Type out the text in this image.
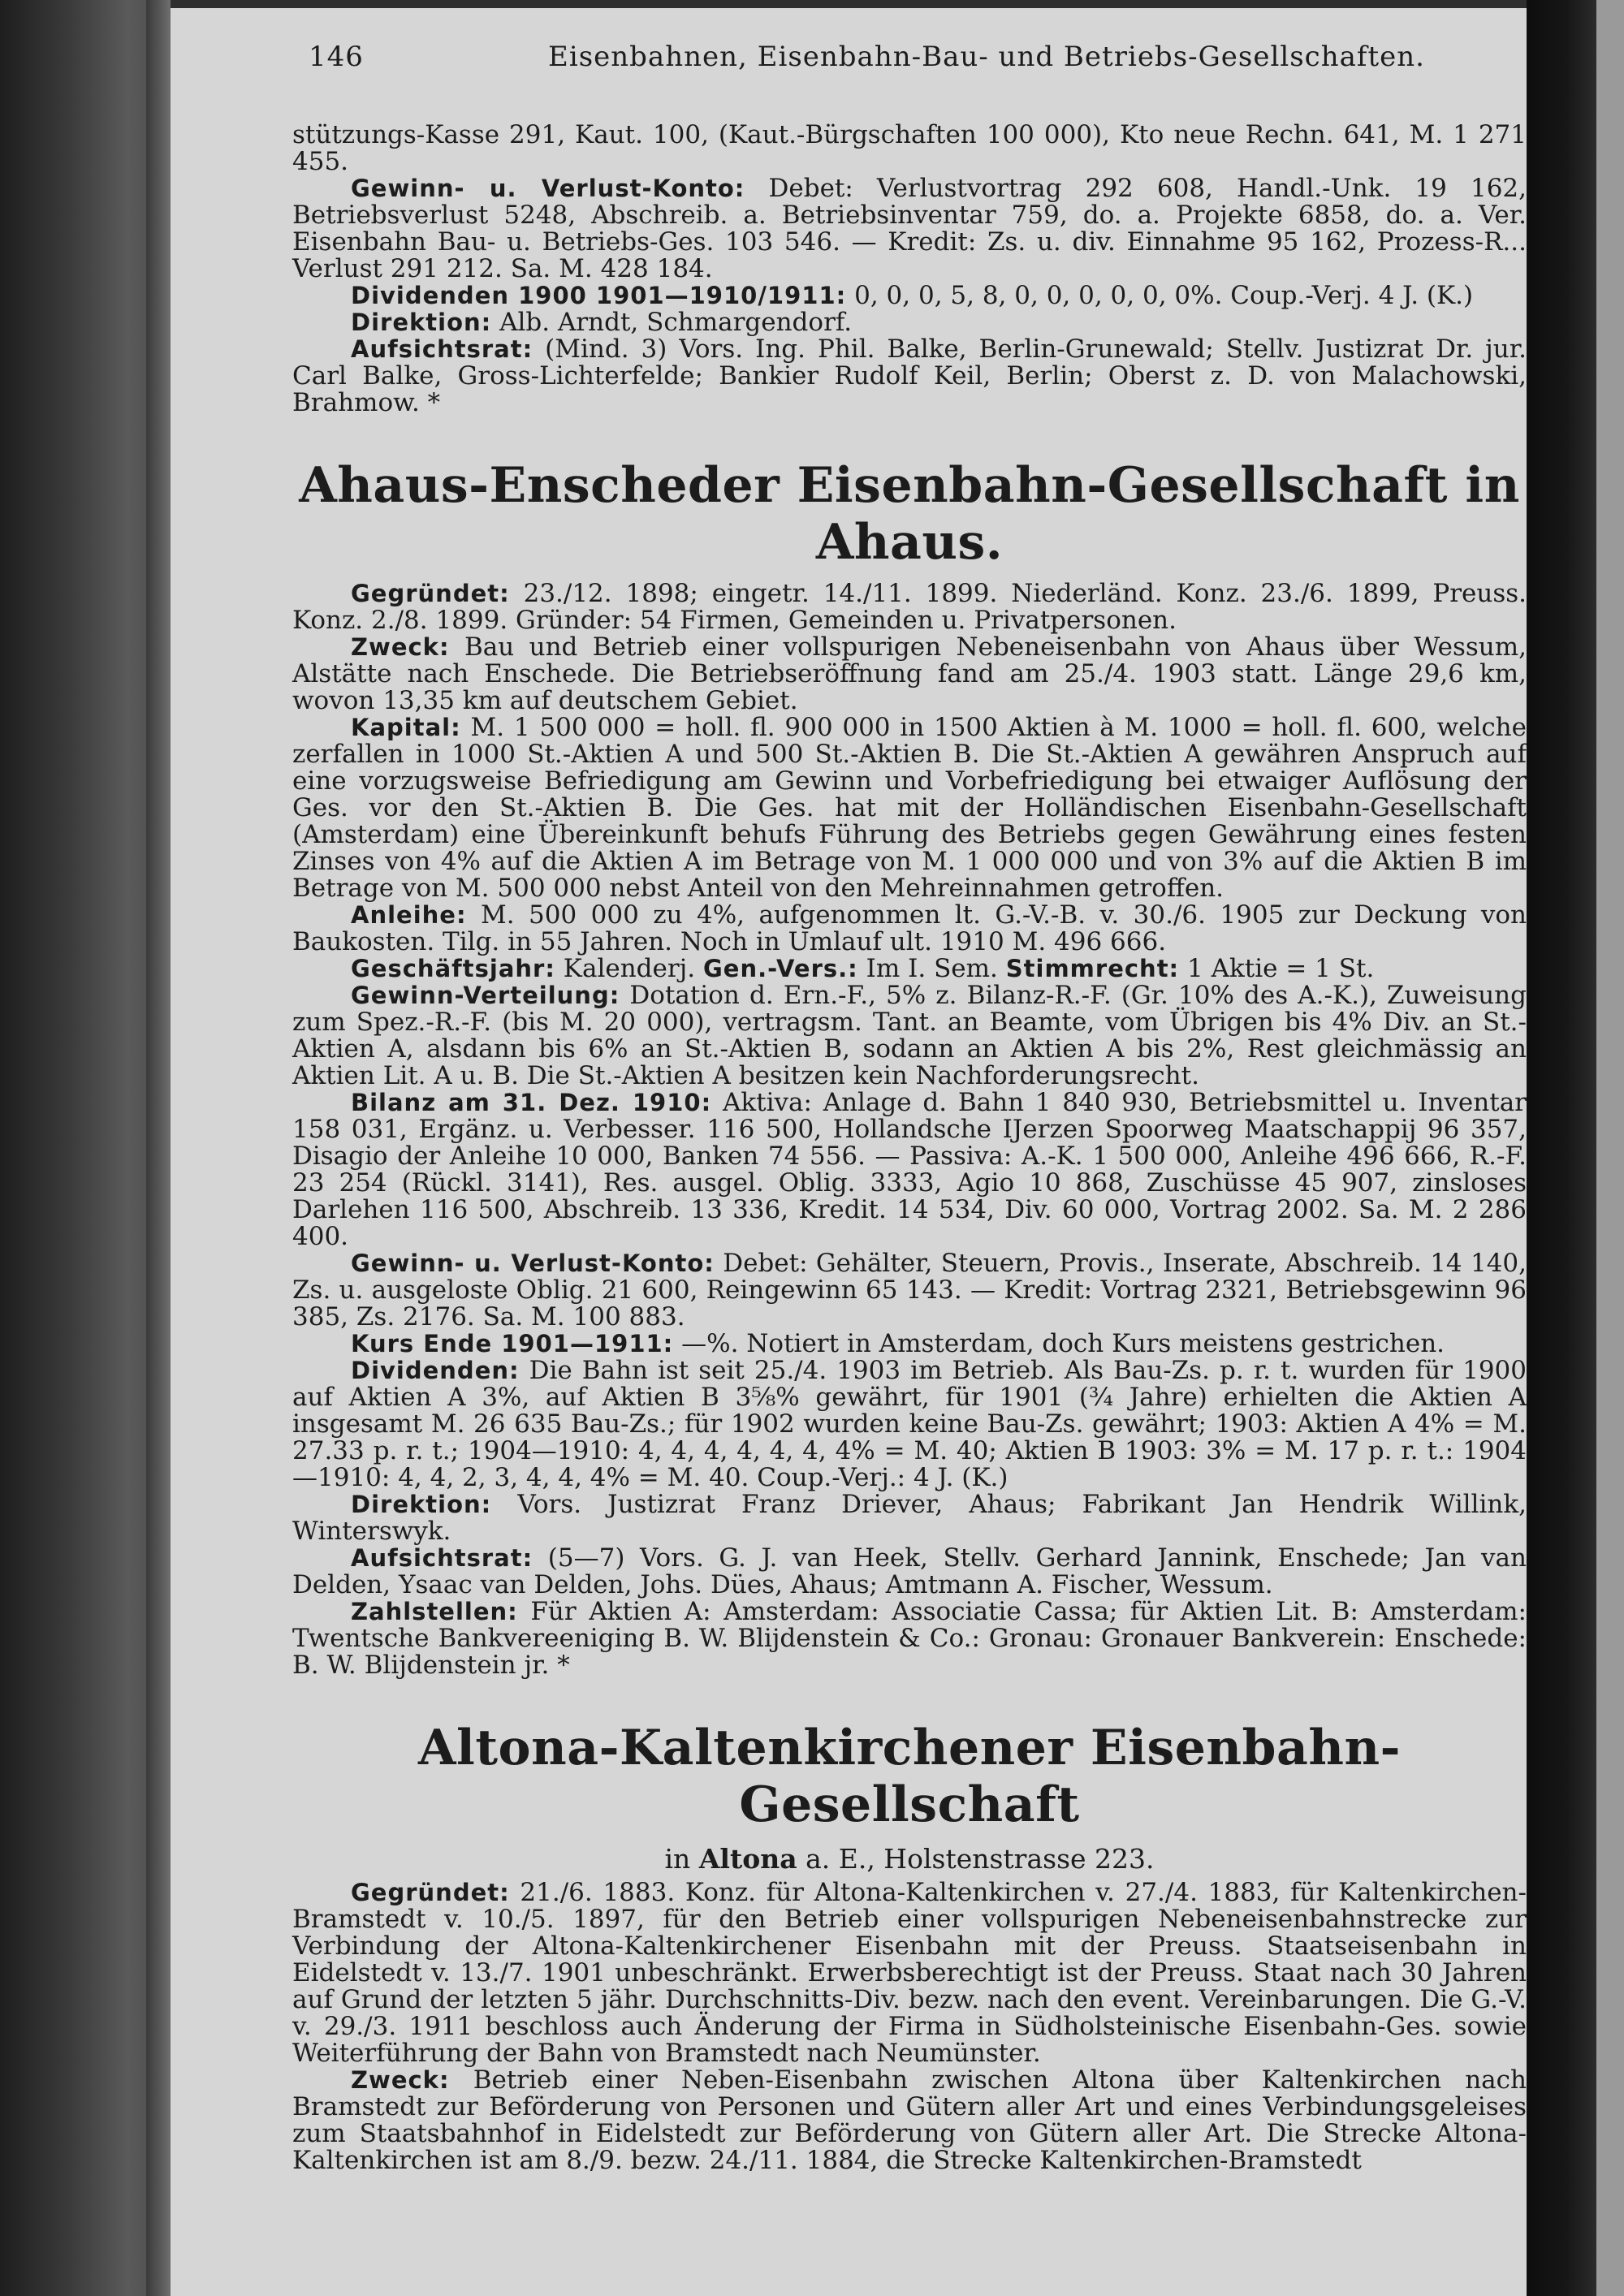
146	Eisenbahnen, Eisenbahn-Bau- und Betriebs-Gesellschaften.

stützungs-Kasse 291, Kaut. 100, (Kaut.-Bürgschaften 100 000), Kto neue Rechn. 641, M. 1 271 455.

Gewinn- u. Verlust-Konto: Debet: Verlustvortrag 292 608, Handl.-Unk. 19 162, Betriebsverlust 5248, Abschreib. a. Betriebsinventar 759, do. a. Projekte 6858, do. a. Ver. Eisenbahn Bau- u. Betriebs-Ges. 103 546. — Kredit: Zs. u. div. Einnahme 95 162, Prozess-R... Verlust 291 212. Sa. M. 428 184.

Dividenden 1900 1901—1910/1911: 0, 0, 0, 5, 8, 0, 0, 0, 0, 0, 0%. Coup.-Verj. 4 J. (K.)

Direktion: Alb. Arndt, Schmargendorf.

Aufsichtsrat: (Mind. 3) Vors. Ing. Phil. Balke, Berlin-Grunewald; Stellv. Justizrat Dr. jur. Carl Balke, Gross-Lichterfelde; Bankier Rudolf Keil, Berlin; Oberst z. D. von Malachowski, Brahmow. *

Ahaus-Enscheder Eisenbahn-Gesellschaft in Ahaus.

Gegründet: 23./12. 1898; eingetr. 14./11. 1899. Niederländ. Konz. 23./6. 1899, Preuss. Konz. 2./8. 1899. Gründer: 54 Firmen, Gemeinden u. Privatpersonen.

Zweck: Bau und Betrieb einer vollspurigen Nebeneisenbahn von Ahaus über Wessum, Alstätte nach Enschede. Die Betriebseröffnung fand am 25./4. 1903 statt. Länge 29,6 km, wovon 13,35 km auf deutschem Gebiet.

Kapital: M. 1 500 000 = holl. fl. 900 000 in 1500 Aktien à M. 1000 = holl. fl. 600, welche zerfallen in 1000 St.-Aktien A und 500 St.-Aktien B. Die St.-Aktien A gewähren Anspruch auf eine vorzugsweise Befriedigung am Gewinn und Vorbefriedigung bei etwaiger Auflösung der Ges. vor den St.-Aktien B. Die Ges. hat mit der Holländischen Eisenbahn-Gesellschaft (Amsterdam) eine Übereinkunft behufs Führung des Betriebs gegen Gewährung eines festen Zinses von 4% auf die Aktien A im Betrage von M. 1 000 000 und von 3% auf die Aktien B im Betrage von M. 500 000 nebst Anteil von den Mehreinnahmen getroffen.

Anleihe: M. 500 000 zu 4%, aufgenommen lt. G.-V.-B. v. 30./6. 1905 zur Deckung von Baukosten. Tilg. in 55 Jahren. Noch in Umlauf ult. 1910 M. 496 666.

Geschäftsjahr: Kalenderj. Gen.-Vers.: Im I. Sem. Stimmrecht: 1 Aktie = 1 St.

Gewinn-Verteilung: Dotation d. Ern.-F., 5% z. Bilanz-R.-F. (Gr. 10% des A.-K.), Zuweisung zum Spez.-R.-F. (bis M. 20 000), vertragsm. Tant. an Beamte, vom Übrigen bis 4% Div. an St.-Aktien A, alsdann bis 6% an St.-Aktien B, sodann an Aktien A bis 2%, Rest gleichmässig an Aktien Lit. A u. B. Die St.-Aktien A besitzen kein Nachforderungsrecht.

Bilanz am 31. Dez. 1910: Aktiva: Anlage d. Bahn 1 840 930, Betriebsmittel u. Inventar 158 031, Ergänz. u. Verbesser. 116 500, Hollandsche IJerzen Spoorweg Maatschappij 96 357, Disagio der Anleihe 10 000, Banken 74 556. — Passiva: A.-K. 1 500 000, Anleihe 496 666, R.-F. 23 254 (Rückl. 3141), Res. ausgel. Oblig. 3333, Agio 10 868, Zuschüsse 45 907, zinsloses Darlehen 116 500, Abschreib. 13 336, Kredit. 14 534, Div. 60 000, Vortrag 2002. Sa. M. 2 286 400.

Gewinn- u. Verlust-Konto: Debet: Gehälter, Steuern, Provis., Inserate, Abschreib. 14 140, Zs. u. ausgeloste Oblig. 21 600, Reingewinn 65 143. — Kredit: Vortrag 2321, Betriebsgewinn 96 385, Zs. 2176. Sa. M. 100 883.

Kurs Ende 1901—1911: —%. Notiert in Amsterdam, doch Kurs meistens gestrichen.

Dividenden: Die Bahn ist seit 25./4. 1903 im Betrieb. Als Bau-Zs. p. r. t. wurden für 1900 auf Aktien A 3%, auf Aktien B 3⅝% gewährt, für 1901 (¾ Jahre) erhielten die Aktien A insgesamt M. 26 635 Bau-Zs.; für 1902 wurden keine Bau-Zs. gewährt; 1903: Aktien A 4% = M. 27.33 p. r. t.; 1904—1910: 4, 4, 4, 4, 4, 4, 4% = M. 40; Aktien B 1903: 3% = M. 17 p. r. t.: 1904—1910: 4, 4, 2, 3, 4, 4, 4% = M. 40. Coup.-Verj.: 4 J. (K.)

Direktion: Vors. Justizrat Franz Driever, Ahaus; Fabrikant Jan Hendrik Willink, Winterswyk.

Aufsichtsrat: (5—7) Vors. G. J. van Heek, Stellv. Gerhard Jannink, Enschede; Jan van Delden, Ysaac van Delden, Johs. Dües, Ahaus; Amtmann A. Fischer, Wessum.

Zahlstellen: Für Aktien A: Amsterdam: Associatie Cassa; für Aktien Lit. B: Amsterdam: Twentsche Bankvereeniging B. W. Blijdenstein & Co.: Gronau: Gronauer Bankverein: Enschede: B. W. Blijdenstein jr. *

Altona-Kaltenkirchener Eisenbahn-Gesellschaft
in Altona a. E., Holstenstrasse 223.

Gegründet: 21./6. 1883. Konz. für Altona-Kaltenkirchen v. 27./4. 1883, für Kaltenkirchen-Bramstedt v. 10./5. 1897, für den Betrieb einer vollspurigen Nebeneisenbahnstrecke zur Verbindung der Altona-Kaltenkirchener Eisenbahn mit der Preuss. Staatseisenbahn in Eidelstedt v. 13./7. 1901 unbeschränkt. Erwerbsberechtigt ist der Preuss. Staat nach 30 Jahren auf Grund der letzten 5 jähr. Durchschnitts-Div. bezw. nach den event. Vereinbarungen. Die G.-V. v. 29./3. 1911 beschloss auch Änderung der Firma in Südholsteinische Eisenbahn-Ges. sowie Weiterführung der Bahn von Bramstedt nach Neumünster.

Zweck: Betrieb einer Neben-Eisenbahn zwischen Altona über Kaltenkirchen nach Bramstedt zur Beförderung von Personen und Gütern aller Art und eines Verbindungsgeleises zum Staatsbahnhof in Eidelstedt zur Beförderung von Gütern aller Art. Die Strecke Altona-Kaltenkirchen ist am 8./9. bezw. 24./11. 1884, die Strecke Kaltenkirchen-Bramstedt
